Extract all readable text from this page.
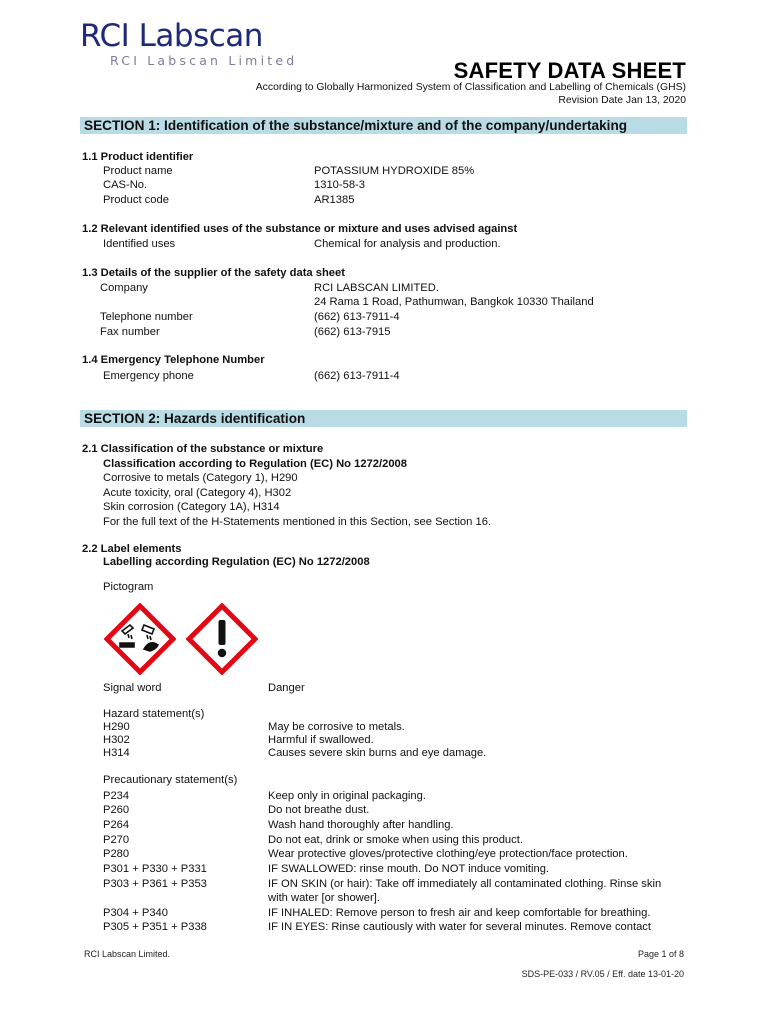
RCI Labscan
RCI Labscan Limited	SAFETY DATA SHEET
According to Globally Harmonized System of Classification and Labelling of Chemicals (GHS)
Revision Date Jan 13, 2020
SECTION 1: Identification of the substance/mixture and of the company/undertaking
1.1 Product identifier
Product name	POTASSIUM HYDROXIDE 85%
CAS-No.	1310-58-3
Product code	AR1385
1.2 Relevant identified uses of the substance or mixture and uses advised against
Identified uses	Chemical for analysis and production.
1.3 Details of the supplier of the safety data sheet
Company	RCI LABSCAN LIMITED.
24 Rama 1 Road, Pathumwan, Bangkok 10330 Thailand
Telephone number	(662) 613-7911-4
Fax number	(662) 613-7915
1.4 Emergency Telephone Number
Emergency phone	(662) 613-7911-4
SECTION 2: Hazards identification
2.1 Classification of the substance or mixture
Classification according to Regulation (EC) No 1272/2008
Corrosive to metals (Category 1), H290
Acute toxicity, oral (Category 4), H302
Skin corrosion (Category 1A), H314
For the full text of the H-Statements mentioned in this Section, see Section 16.
2.2 Label elements
Labelling according Regulation (EC) No 1272/2008
Pictogram
Signal word	Danger
Hazard statement(s)
H290	May be corrosive to metals.
H302	Harmful if swallowed.
H314	Causes severe skin burns and eye damage.
Precautionary statement(s)
P234	Keep only in original packaging.
P260	Do not breathe dust.
P264	Wash hand thoroughly after handling.
P270	Do not eat, drink or smoke when using this product.
P280	Wear protective gloves/protective clothing/eye protection/face protection.
P301 + P330 + P331	IF SWALLOWED: rinse mouth. Do NOT induce vomiting.
P303 + P361 + P353	IF ON SKIN (or hair): Take off immediately all contaminated clothing. Rinse skin
with water [or shower].
P304 + P340	IF INHALED: Remove person to fresh air and keep comfortable for breathing.
P305 + P351 + P338	IF IN EYES: Rinse cautiously with water for several minutes. Remove contact
RCI Labscan Limited.	Page 1 of 8
SDS-PE-033 / RV.05 / Eff. date 13-01-20
